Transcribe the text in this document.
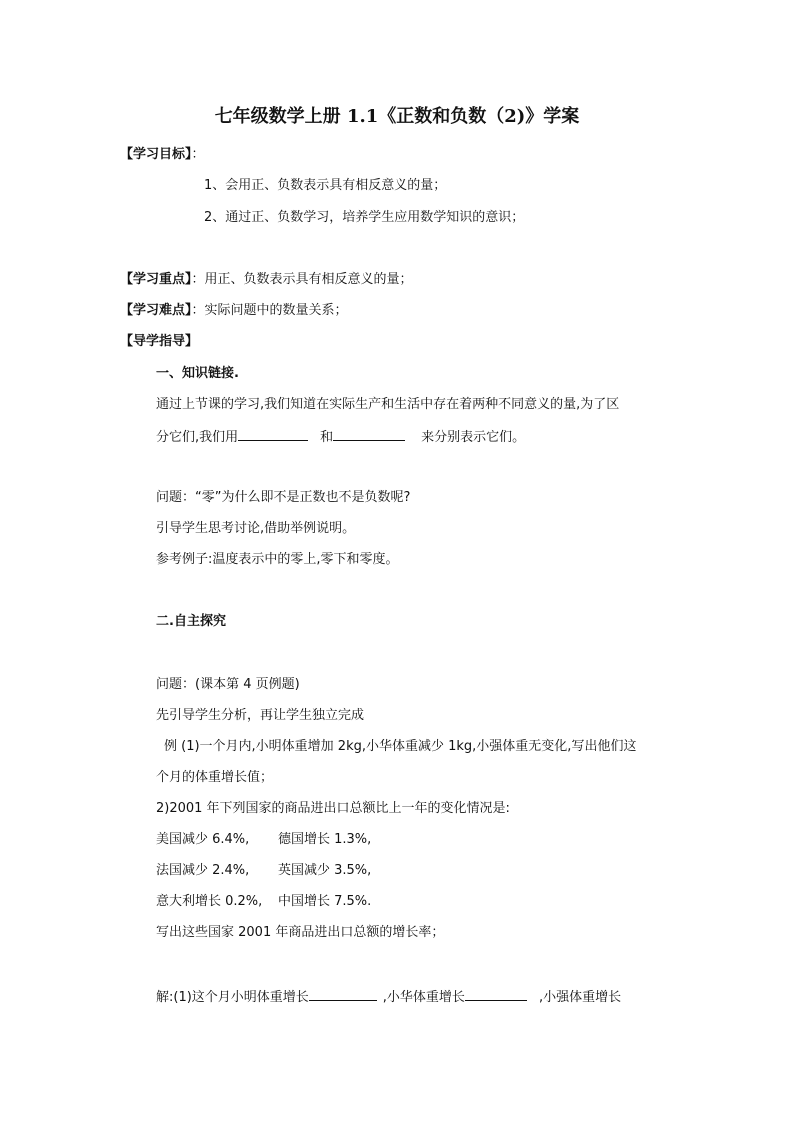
七年级数学上册 1.1《正数和负数（2)》学案
【学习目标】：
1、会用正、负数表示具有相反意义的量；
2、通过正、负数学习，培养学生应用数学知识的意识；
【学习重点】：用正、负数表示具有相反意义的量；
【学习难点】：实际问题中的数量关系；
【导学指导】
一、知识链接.
通过上节课的学习,我们知道在实际生产和生活中存在着两种不同意义的量,为了区
分它们,我们用	和	来分别表示它们。
问题：“零”为什么即不是正数也不是负数呢?
引导学生思考讨论,借助举例说明。
参考例子:温度表示中的零上,零下和零度。
二.自主探究
问题：(课本第 4 页例题)
先引导学生分析，再让学生独立完成
例 (1)一个月内,小明体重增加 2kg,小华体重减少 1kg,小强体重无变化,写出他们这
个月的体重增长值；
2)2001 年下列国家的商品进出口总额比上一年的变化情况是:
美国减少 6.4%, 德国增长 1.3%,
法国减少 2.4%, 英国减少 3.5%,
意大利增长 0.2%, 中国增长 7.5%.
写出这些国家 2001 年商品进出口总额的增长率；
解:(1)这个月小明体重增长	,小华体重增长	,小强体重增长
